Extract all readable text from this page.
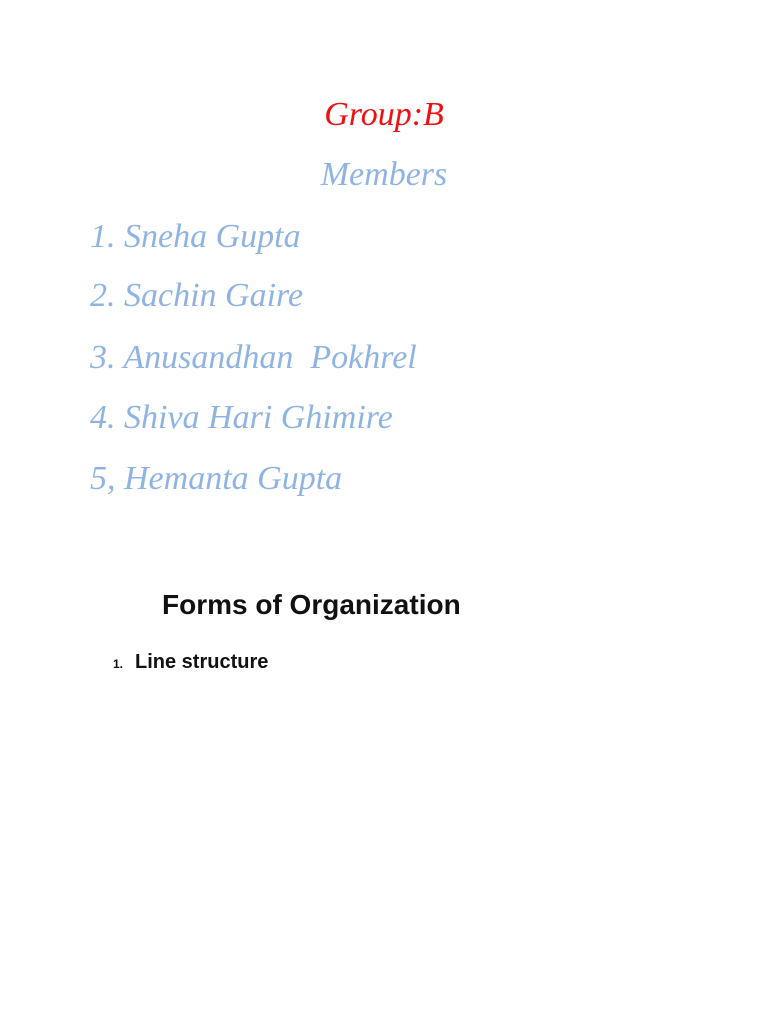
Group:B
Members
1. Sneha Gupta
2. Sachin Gaire
3. Anusandhan  Pokhrel
4. Shiva Hari Ghimire
5, Hemanta Gupta
Forms of Organization
1. Line structure
